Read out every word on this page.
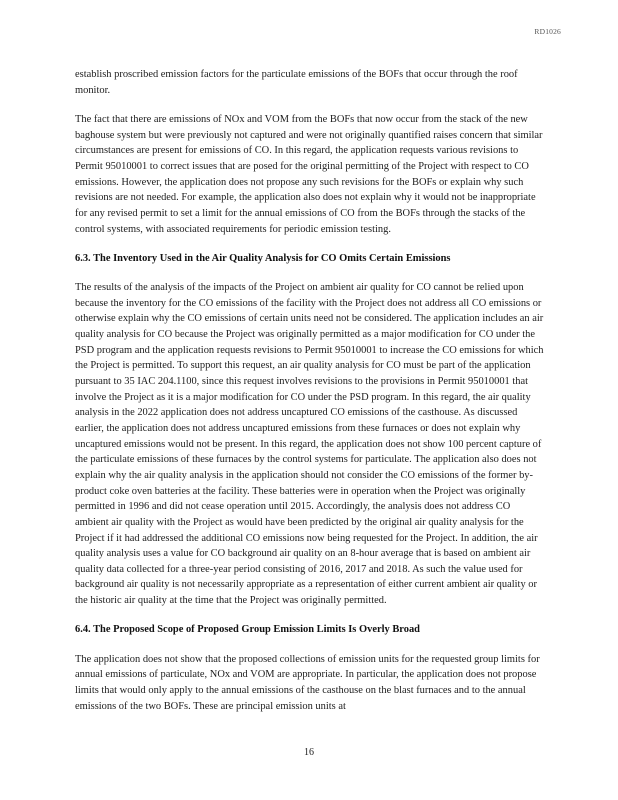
RD1026

establish proscribed emission factors for the particulate emissions of the BOFs that occur through the roof monitor.

The fact that there are emissions of NOx and VOM from the BOFs that now occur from the stack of the new baghouse system but were previously not captured and were not originally quantified raises concern that similar circumstances are present for emissions of CO. In this regard, the application requests various revisions to Permit 95010001 to correct issues that are posed for the original permitting of the Project with respect to CO emissions. However, the application does not propose any such revisions for the BOFs or explain why such revisions are not needed. For example, the application also does not explain why it would not be inappropriate for any revised permit to set a limit for the annual emissions of CO from the BOFs through the stacks of the control systems, with associated requirements for periodic emission testing.

6.3. The Inventory Used in the Air Quality Analysis for CO Omits Certain Emissions

The results of the analysis of the impacts of the Project on ambient air quality for CO cannot be relied upon because the inventory for the CO emissions of the facility with the Project does not address all CO emissions or otherwise explain why the CO emissions of certain units need not be considered. The application includes an air quality analysis for CO because the Project was originally permitted as a major modification for CO under the PSD program and the application requests revisions to Permit 95010001 to increase the CO emissions for which the Project is permitted. To support this request, an air quality analysis for CO must be part of the application pursuant to 35 IAC 204.1100, since this request involves revisions to the provisions in Permit 95010001 that involve the Project as it is a major modification for CO under the PSD program. In this regard, the air quality analysis in the 2022 application does not address uncaptured CO emissions of the casthouse. As discussed earlier, the application does not address uncaptured emissions from these furnaces or does not explain why uncaptured emissions would not be present. In this regard, the application does not show 100 percent capture of the particulate emissions of these furnaces by the control systems for particulate. The application also does not explain why the air quality analysis in the application should not consider the CO emissions of the former by-product coke oven batteries at the facility. These batteries were in operation when the Project was originally permitted in 1996 and did not cease operation until 2015. Accordingly, the analysis does not address CO ambient air quality with the Project as would have been predicted by the original air quality analysis for the Project if it had addressed the additional CO emissions now being requested for the Project. In addition, the air quality analysis uses a value for CO background air quality on an 8-hour average that is based on ambient air quality data collected for a three-year period consisting of 2016, 2017 and 2018. As such the value used for background air quality is not necessarily appropriate as a representation of either current ambient air quality or the historic air quality at the time that the Project was originally permitted.

6.4. The Proposed Scope of Proposed Group Emission Limits Is Overly Broad

The application does not show that the proposed collections of emission units for the requested group limits for annual emissions of particulate, NOx and VOM are appropriate. In particular, the application does not propose limits that would only apply to the annual emissions of the casthouse on the blast furnaces and to the annual emissions of the two BOFs. These are principal emission units at

16
